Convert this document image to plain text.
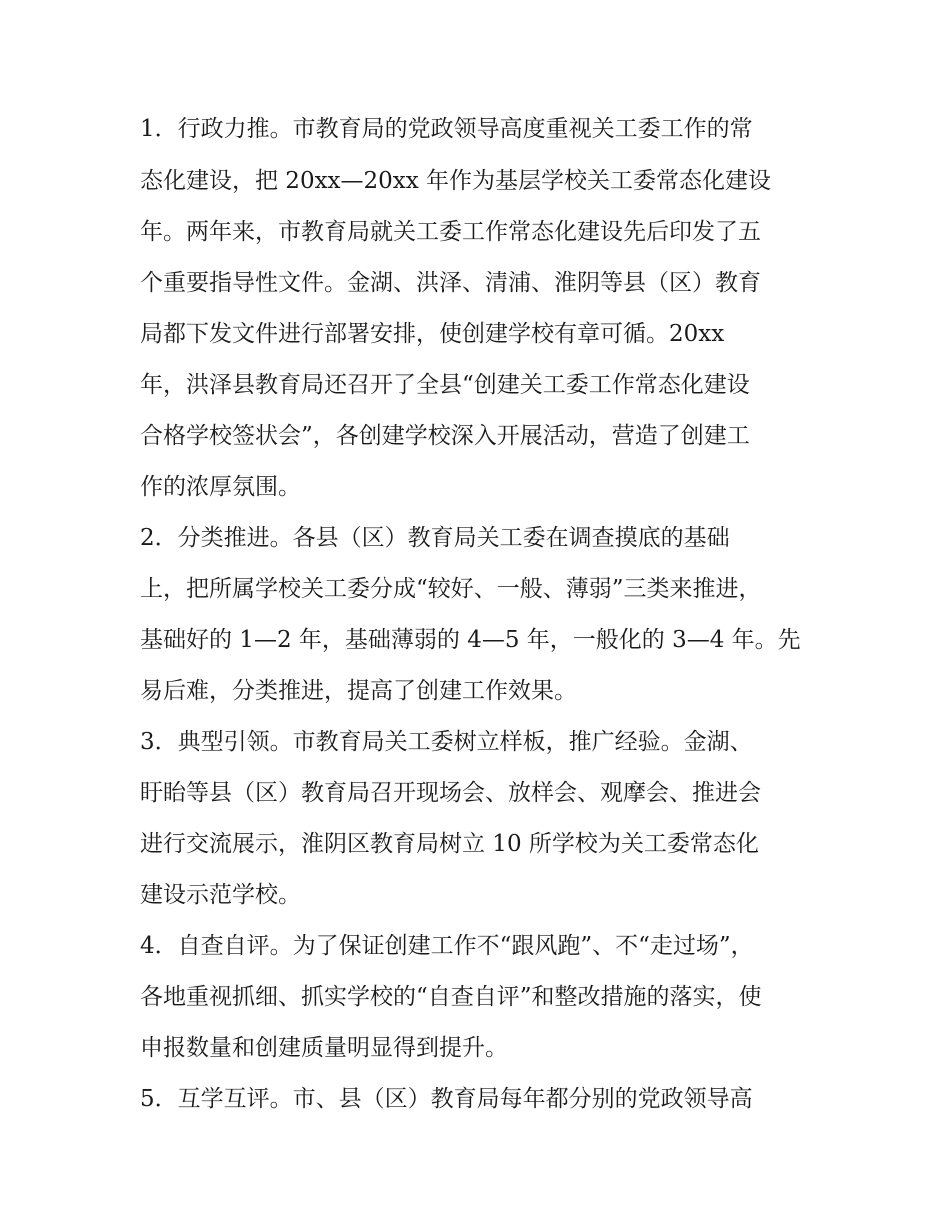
1．行政力推。市教育局的党政领导高度重视关工委工作的常
态化建设，把 20xx—20xx 年作为基层学校关工委常态化建设
年。两年来，市教育局就关工委工作常态化建设先后印发了五
个重要指导性文件。金湖、洪泽、清浦、淮阴等县（区）教育
局都下发文件进行部署安排，使创建学校有章可循。20xx
年，洪泽县教育局还召开了全县“创建关工委工作常态化建设
合格学校签状会”，各创建学校深入开展活动，营造了创建工
作的浓厚氛围。
2．分类推进。各县（区）教育局关工委在调查摸底的基础
上，把所属学校关工委分成“较好、一般、薄弱”三类来推进，
基础好的 1—2 年，基础薄弱的 4—5 年，一般化的 3—4 年。先
易后难，分类推进，提高了创建工作效果。
3．典型引领。市教育局关工委树立样板，推广经验。金湖、
盱眙等县（区）教育局召开现场会、放样会、观摩会、推进会
进行交流展示，淮阴区教育局树立 10 所学校为关工委常态化
建设示范学校。
4．自查自评。为了保证创建工作不“跟风跑”、不“走过场”，
各地重视抓细、抓实学校的“自查自评”和整改措施的落实，使
申报数量和创建质量明显得到提升。
5．互学互评。市、县（区）教育局每年都分别的党政领导高
